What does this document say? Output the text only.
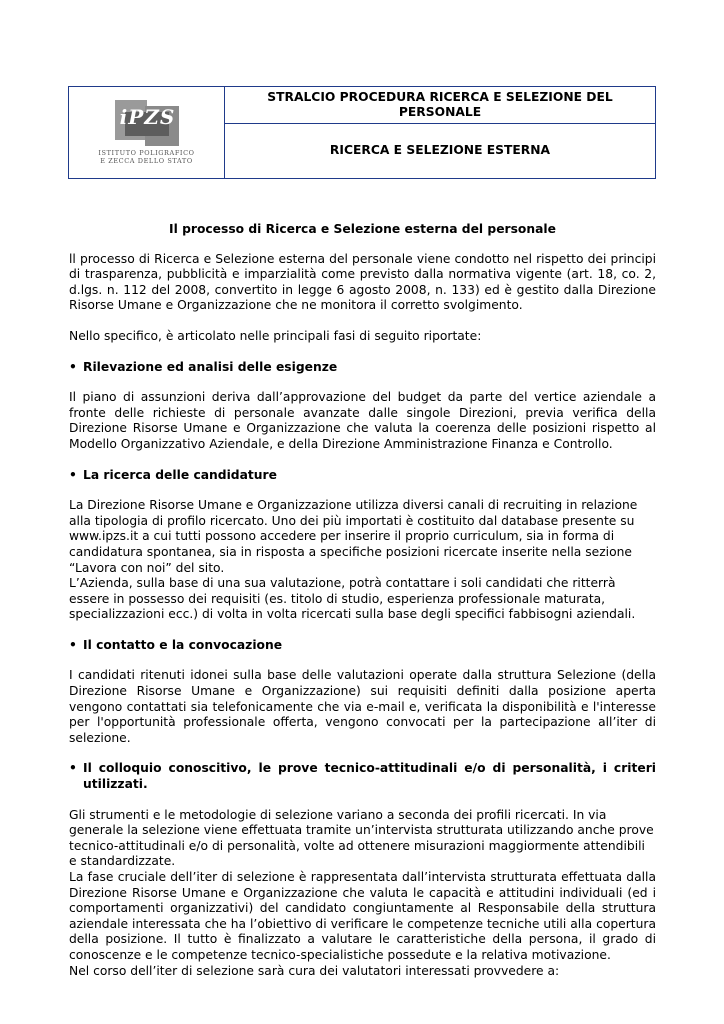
iPZS
ISTITUTO POLIGRAFICO
E ZECCA DELLO STATO
STRALCIO PROCEDURA RICERCA E SELEZIONE DEL PERSONALE
RICERCA E SELEZIONE ESTERNA
Il processo di Ricerca e Selezione esterna del personale

ll processo di Ricerca e Selezione esterna del personale viene condotto nel rispetto dei principi di trasparenza, pubblicità e imparzialità come previsto dalla normativa vigente (art. 18, co. 2, d.lgs. n. 112 del 2008, convertito in legge 6 agosto 2008, n. 133) ed è gestito dalla Direzione Risorse Umane e Organizzazione che ne monitora il corretto svolgimento.

Nello specifico, è articolato nelle principali fasi di seguito riportate:

• Rilevazione ed analisi delle esigenze

Il piano di assunzioni deriva dall’approvazione del budget da parte del vertice aziendale a fronte delle richieste di personale avanzate dalle singole Direzioni, previa verifica della Direzione Risorse Umane e Organizzazione che valuta la coerenza delle posizioni rispetto al Modello Organizzativo Aziendale, e della Direzione Amministrazione Finanza e Controllo.

• La ricerca delle candidature

La Direzione Risorse Umane e Organizzazione utilizza diversi canali di recruiting in relazione alla tipologia di profilo ricercato. Uno dei più importati è costituito dal database presente su www.ipzs.it a cui tutti possono accedere per inserire il proprio curriculum, sia in forma di candidatura spontanea, sia in risposta a specifiche posizioni ricercate inserite nella sezione “Lavora con noi” del sito.

L’Azienda, sulla base di una sua valutazione, potrà contattare i soli candidati che ritterrà essere in possesso dei requisiti (es. titolo di studio, esperienza professionale maturata, specializzazioni ecc.) di volta in volta ricercati sulla base degli specifici fabbisogni aziendali.

• Il contatto e la convocazione

I candidati ritenuti idonei sulla base delle valutazioni operate dalla struttura Selezione (della Direzione Risorse Umane e Organizzazione) sui requisiti definiti dalla posizione aperta vengono contattati sia telefonicamente che via e-mail e, verificata la disponibilità e l'interesse per l'opportunità professionale offerta, vengono convocati per la partecipazione all’iter di selezione.

• Il colloquio conoscitivo, le prove tecnico-attitudinali e/o di personalità, i criteri utilizzati.

Gli strumenti e le metodologie di selezione variano a seconda dei profili ricercati. In via generale la selezione viene effettuata tramite un’intervista strutturata utilizzando anche prove tecnico-attitudinali e/o di personalità, volte ad ottenere misurazioni maggiormente attendibili e standardizzate.

La fase cruciale dell’iter di selezione è rappresentata dall’intervista strutturata effettuata dalla Direzione Risorse Umane e Organizzazione che valuta le capacità e attitudini individuali (ed i comportamenti organizzativi) del candidato congiuntamente al Responsabile della struttura aziendale interessata che ha l’obiettivo di verificare le competenze tecniche utili alla copertura della posizione. Il tutto è finalizzato a valutare le caratteristiche della persona, il grado di conoscenze e le competenze tecnico-specialistiche possedute e la relativa motivazione.

Nel corso dell’iter di selezione sarà cura dei valutatori interessati provvedere a:
